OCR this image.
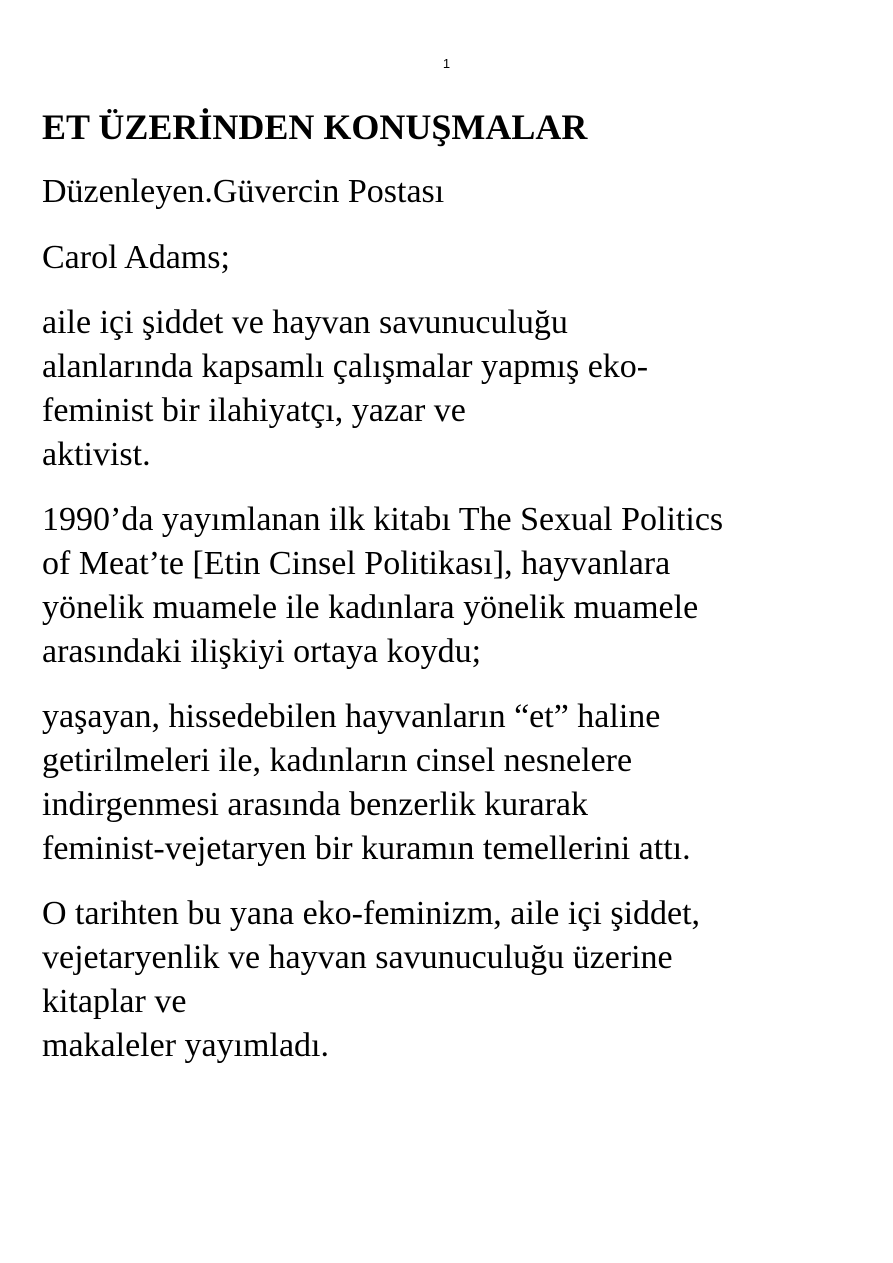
1
ET ÜZERİNDEN KONUŞMALAR

Düzenleyen.Güvercin Postası

Carol Adams;

aile içi şiddet ve hayvan savunuculuğu
alanlarında kapsamlı çalışmalar yapmış eko-
feminist bir ilahiyatçı, yazar ve
aktivist.

1990’da yayımlanan ilk kitabı The Sexual Politics
of Meat’te [Etin Cinsel Politikası], hayvanlara
yönelik muamele ile kadınlara yönelik muamele
arasındaki ilişkiyi ortaya koydu;

yaşayan, hissedebilen hayvanların “et” haline
getirilmeleri ile, kadınların cinsel nesnelere
indirgenmesi arasında benzerlik kurarak
feminist-vejetaryen bir kuramın temellerini attı.

O tarihten bu yana eko-feminizm, aile içi şiddet,
vejetaryenlik ve hayvan savunuculuğu üzerine
kitaplar ve
makaleler yayımladı.
